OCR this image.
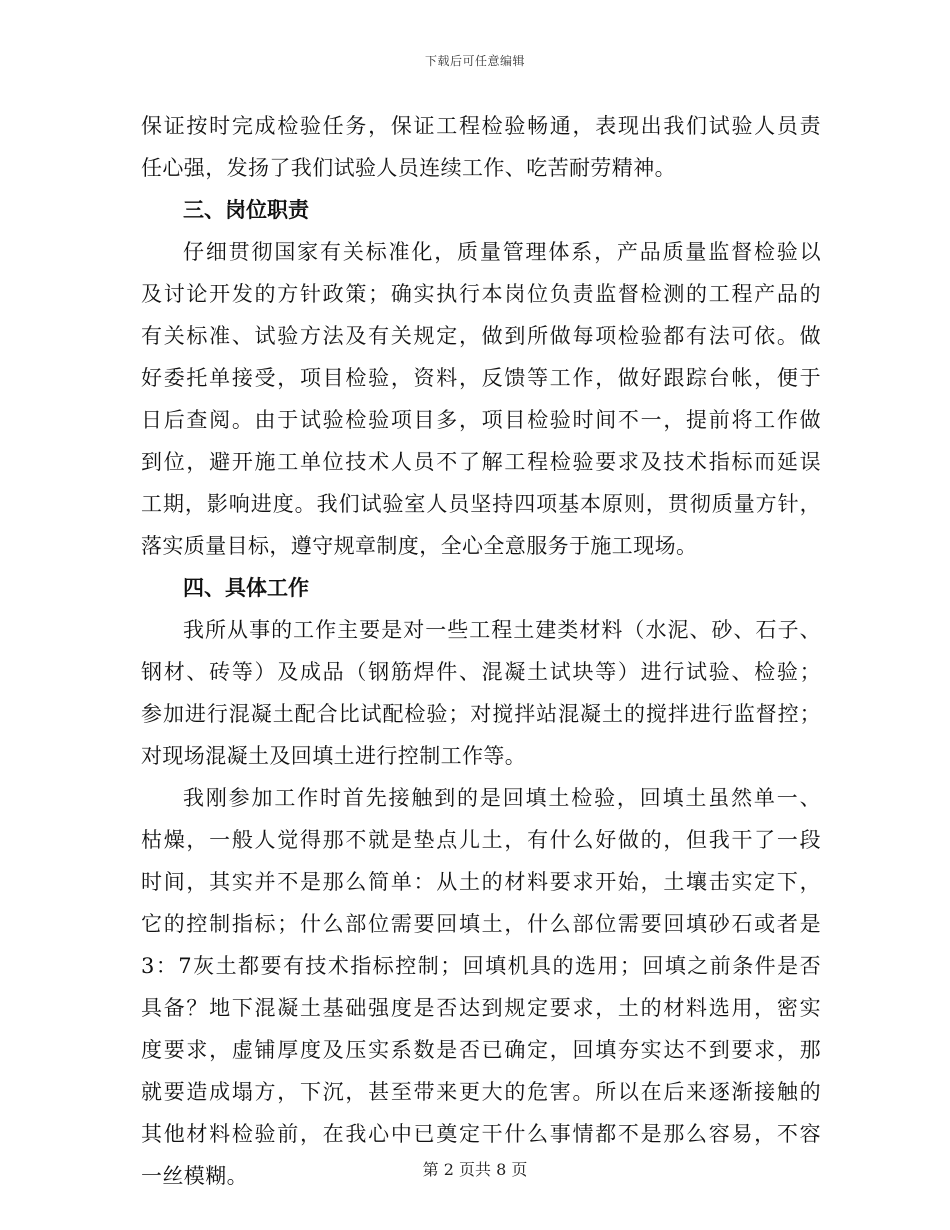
下载后可任意编辑
保证按时完成检验任务，保证工程检验畅通，表现出我们试验人员责
任心强，发扬了我们试验人员连续工作、吃苦耐劳精神。
三、岗位职责
仔细贯彻国家有关标准化，质量管理体系，产品质量监督检验以
及讨论开发的方针政策；确实执行本岗位负责监督检测的工程产品的
有关标准、试验方法及有关规定，做到所做每项检验都有法可依。做
好委托单接受，项目检验，资料，反馈等工作，做好跟踪台帐，便于
日后查阅。由于试验检验项目多，项目检验时间不一，提前将工作做
到位，避开施工单位技术人员不了解工程检验要求及技术指标而延误
工期，影响进度。我们试验室人员坚持四项基本原则，贯彻质量方针，
落实质量目标，遵守规章制度，全心全意服务于施工现场。
四、具体工作
我所从事的工作主要是对一些工程土建类材料（水泥、砂、石子、
钢材、砖等）及成品（钢筋焊件、混凝土试块等）进行试验、检验；
参加进行混凝土配合比试配检验；对搅拌站混凝土的搅拌进行监督控；
对现场混凝土及回填土进行控制工作等。
我刚参加工作时首先接触到的是回填土检验，回填土虽然单一、
枯燥，一般人觉得那不就是垫点儿土，有什么好做的，但我干了一段
时间，其实并不是那么简单：从土的材料要求开始，土壤击实定下，
它的控制指标；什么部位需要回填土，什么部位需要回填砂石或者是
3：7灰土都要有技术指标控制；回填机具的选用；回填之前条件是否
具备？地下混凝土基础强度是否达到规定要求，土的材料选用，密实
度要求，虚铺厚度及压实系数是否已确定，回填夯实达不到要求，那
就要造成塌方，下沉，甚至带来更大的危害。所以在后来逐渐接触的
其他材料检验前，在我心中已奠定干什么事情都不是那么容易，不容
一丝模糊。	第 2 页共 8 页
